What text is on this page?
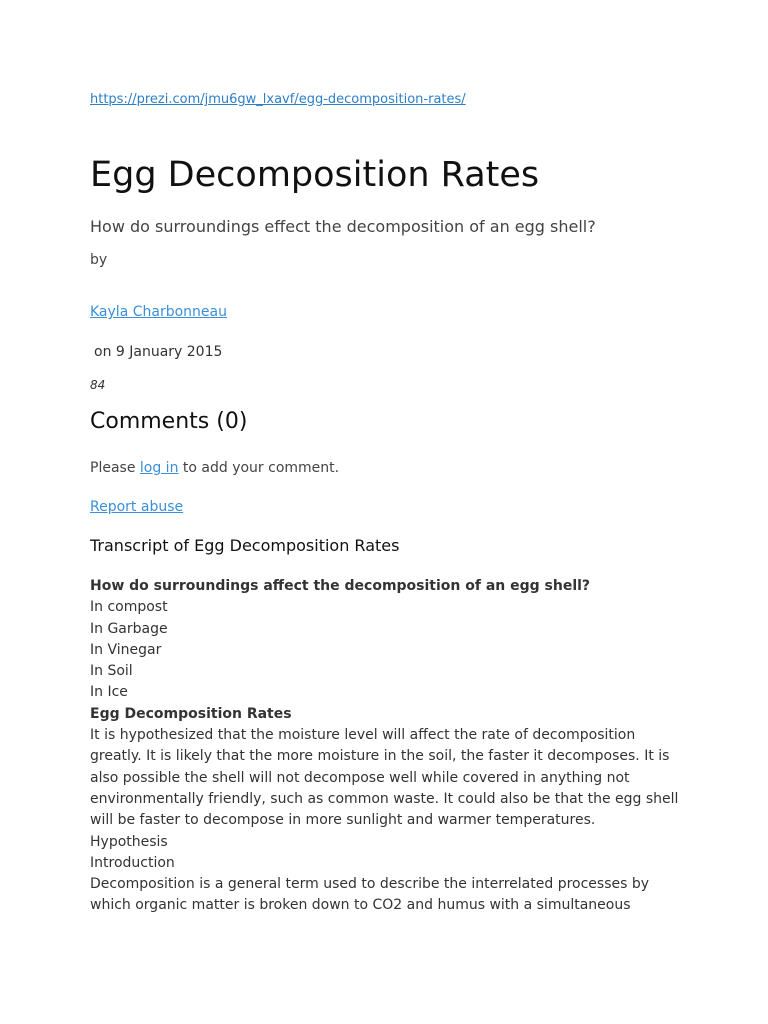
https://prezi.com/jmu6gw_lxavf/egg-decomposition-rates/
Egg Decomposition Rates
How do surroundings effect the decomposition of an egg shell?
by
Kayla Charbonneau
on 9 January 2015
84
Comments (0)
Please log in to add your comment.
Report abuse
Transcript of Egg Decomposition Rates
How do surroundings affect the decomposition of an egg shell?
In compost
In Garbage
In Vinegar
In Soil
In Ice
Egg Decomposition Rates
It is hypothesized that the moisture level will affect the rate of decomposition
greatly. It is likely that the more moisture in the soil, the faster it decomposes. It is
also possible the shell will not decompose well while covered in anything not
environmentally friendly, such as common waste. It could also be that the egg shell
will be faster to decompose in more sunlight and warmer temperatures.
Hypothesis
Introduction
Decomposition is a general term used to describe the interrelated processes by
which organic matter is broken down to CO2 and humus with a simultaneous
